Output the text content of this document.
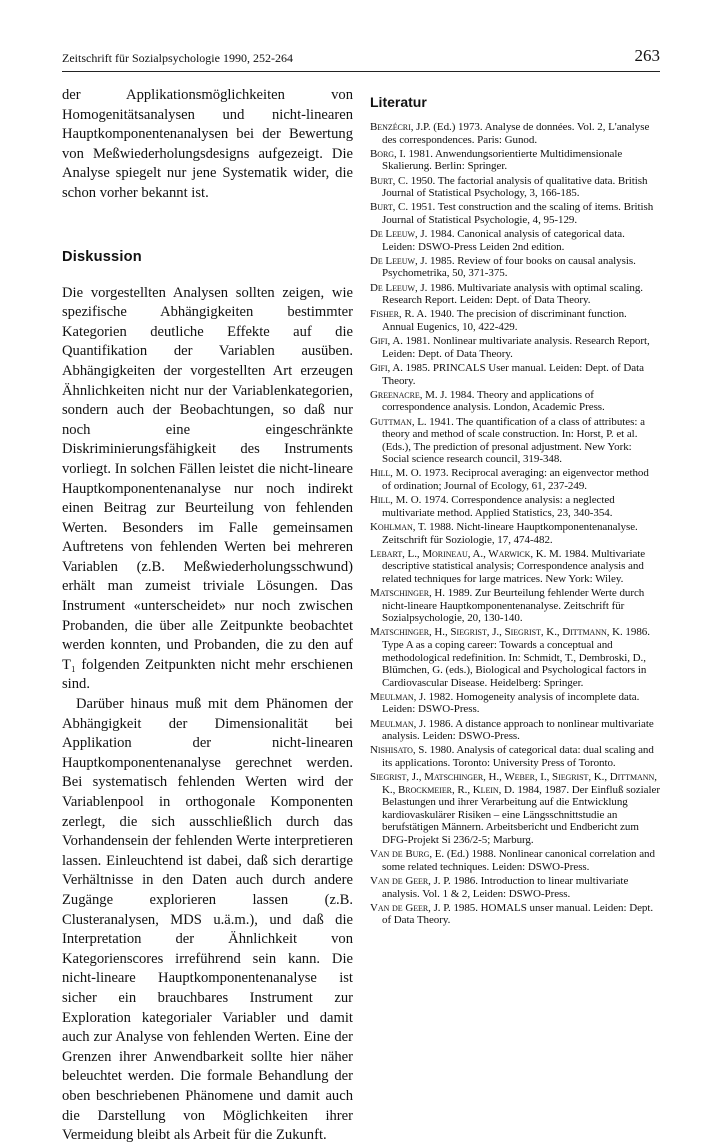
Zeitschrift für Sozialpsychologie 1990, 252-264	263

der Applikationsmöglichkeiten von Homogenitätsanalysen und nicht-linearen Hauptkomponentenanalysen bei der Bewertung von Meßwiederholungsdesigns aufgezeigt. Die Analyse spiegelt nur jene Systematik wider, die schon vorher bekannt ist.

Diskussion

Die vorgestellten Analysen sollten zeigen, wie spezifische Abhängigkeiten bestimmter Kategorien deutliche Effekte auf die Quantifikation der Variablen ausüben. Abhängigkeiten der vorgestellten Art erzeugen Ähnlichkeiten nicht nur der Variablenkategorien, sondern auch der Beobachtungen, so daß nur noch eine eingeschränkte Diskriminierungsfähigkeit des Instruments vorliegt. In solchen Fällen leistet die nicht-lineare Hauptkomponentenanalyse nur noch indirekt einen Beitrag zur Beurteilung von fehlenden Werten. Besonders im Falle gemeinsamen Auftretens von fehlenden Werten bei mehreren Variablen (z.B. Meßwiederholungsschwund) erhält man zumeist triviale Lösungen. Das Instrument «unterscheidet» nur noch zwischen Probanden, die über alle Zeitpunkte beobachtet werden konnten, und Probanden, die zu den auf T₁ folgenden Zeitpunkten nicht mehr erschienen sind.

Darüber hinaus muß mit dem Phänomen der Abhängigkeit der Dimensionalität bei Applikation der nicht-linearen Hauptkomponentenanalyse gerechnet werden. Bei systematisch fehlenden Werten wird der Variablenpool in orthogonale Komponenten zerlegt, die sich ausschließlich durch das Vorhandensein der fehlenden Werte interpretieren lassen. Einleuchtend ist dabei, daß sich derartige Verhältnisse in den Daten auch durch andere Zugänge explorieren lassen (z.B. Clusteranalysen, MDS u.ä.m.), und daß die Interpretation der Ähnlichkeit von Kategorienscores irreführend sein kann. Die nicht-lineare Hauptkomponentenanalyse ist sicher ein brauchbares Instrument zur Exploration kategorialer Variabler und damit auch zur Analyse von fehlenden Werten. Eine der Grenzen ihrer Anwendbarkeit sollte hier näher beleuchtet werden. Die formale Behandlung der oben beschriebenen Phänomene und damit auch die Darstellung von Möglichkeiten ihrer Vermeidung bleibt als Arbeit für die Zukunft.

Literatur
Benzécri, J.P. (Ed.) 1973. Analyse de données. Vol. 2, L'analyse des correspondences. Paris: Gunod.
Borg, I. 1981. Anwendungsorientierte Multidimensionale Skalierung. Berlin: Springer.
Burt, C. 1950. The factorial analysis of qualitative data. British Journal of Statistical Psychology, 3, 166-185.
Burt, C. 1951. Test construction and the scaling of items. British Journal of Statistical Psychologie, 4, 95-129.
De Leeuw, J. 1984. Canonical analysis of categorical data. Leiden: DSWO-Press Leiden 2nd edition.
De Leeuw, J. 1985. Review of four books on causal analysis. Psychometrika, 50, 371-375.
De Leeuw, J. 1986. Multivariate analysis with optimal scaling. Research Report. Leiden: Dept. of Data Theory.
Fisher, R. A. 1940. The precision of discriminant function. Annual Eugenics, 10, 422-429.
Gifi, A. 1981. Nonlinear multivariate analysis. Research Report, Leiden: Dept. of Data Theory.
Gifi, A. 1985. PRINCALS User manual. Leiden: Dept. of Data Theory.
Greenacre, M. J. 1984. Theory and applications of correspondence analysis. London, Academic Press.
Guttman, L. 1941. The quantification of a class of attributes: a theory and method of scale construction. In: Horst, P. et al. (Eds.), The prediction of presonal adjustment. New York: Social science research council, 319-348.
Hill, M. O. 1973. Reciprocal averaging: an eigenvector method of ordination; Journal of Ecology, 61, 237-249.
Hill, M. O. 1974. Correspondence analysis: a neglected multivariate method. Applied Statistics, 23, 340-354.
Kohlman, T. 1988. Nicht-lineare Hauptkomponentenanalyse. Zeitschrift für Soziologie, 17, 474-482.
Lebart, L., Morineau, A., Warwick, K. M. 1984. Multivariate descriptive statistical analysis; Correspondence analysis and related techniques for large matrices. New York: Wiley.
Matschinger, H. 1989. Zur Beurteilung fehlender Werte durch nicht-lineare Hauptkomponentenanalyse. Zeitschrift für Sozialpsychologie, 20, 130-140.
Matschinger, H., Siegrist, J., Siegrist, K., Dittmann, K. 1986. Type A as a coping career: Towards a conceptual and methodological redefinition. In: Schmidt, T., Dembroski, D., Blümchen, G. (eds.), Biological and Psychological factors in Cardiovascular Disease. Heidelberg: Springer.
Meulman, J. 1982. Homogeneity analysis of incomplete data. Leiden: DSWO-Press.
Meulman, J. 1986. A distance approach to nonlinear multivariate analysis. Leiden: DSWO-Press.
Nishisato, S. 1980. Analysis of categorical data: dual scaling and its applications. Toronto: University Press of Toronto.
Siegrist, J., Matschinger, H., Weber, I., Siegrist, K., Dittmann, K., Brockmeier, R., Klein, D. 1984, 1987. Der Einfluß sozialer Belastungen und ihrer Verarbeitung auf die Entwicklung kardiovaskulärer Risiken – eine Längsschnittstudie an berufstätigen Männern. Arbeitsbericht und Endbericht zum DFG-Projekt Si 236/2-5; Marburg.
Van de Burg, E. (Ed.) 1988. Nonlinear canonical correlation and some related techniques. Leiden: DSWO-Press.
Van de Geer, J. P. 1986. Introduction to linear multivariate analysis. Vol. 1 & 2, Leiden: DSWO-Press.
Van de Geer, J. P. 1985. HOMALS unser manual. Leiden: Dept. of Data Theory.
